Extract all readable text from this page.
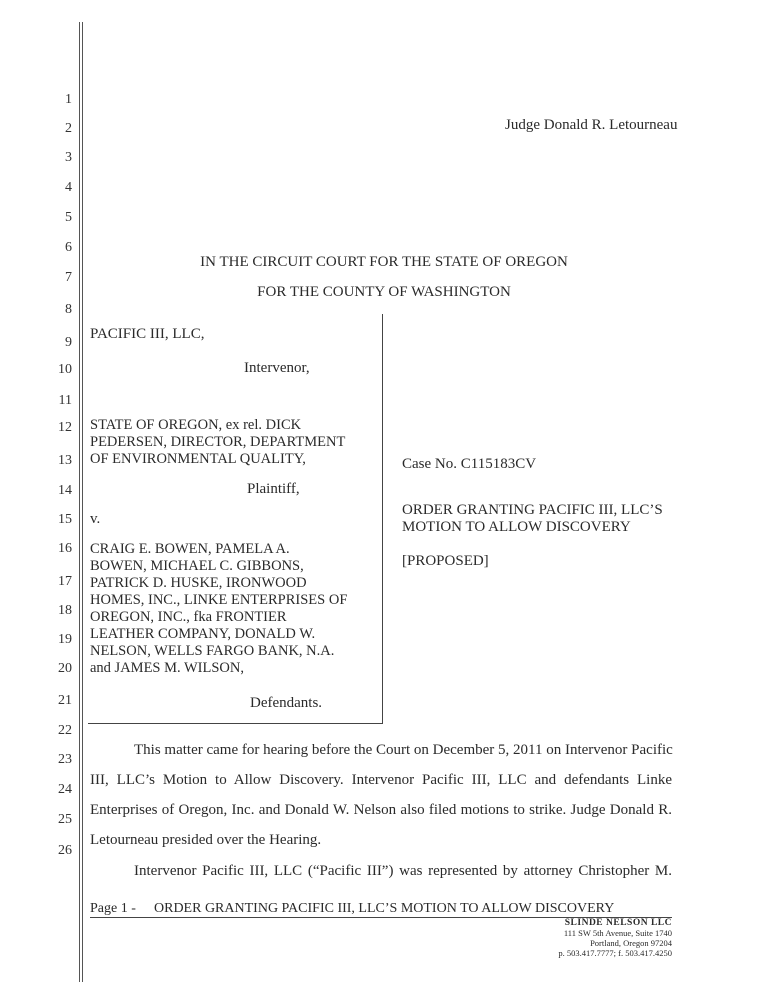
1
2
3
4
5
6
7
8
9
10
11
12
13
14
15
16
17
18
19
20
21
22
23
24
25
26
Judge Donald R. Letourneau
IN THE CIRCUIT COURT FOR THE STATE OF OREGON
FOR THE COUNTY OF WASHINGTON
PACIFIC III, LLC,
Intervenor,
STATE OF OREGON, ex rel. DICK
PEDERSEN, DIRECTOR, DEPARTMENT
OF ENVIRONMENTAL QUALITY,
Plaintiff,
v.
CRAIG E. BOWEN, PAMELA A.
BOWEN, MICHAEL C. GIBBONS,
PATRICK D. HUSKE, IRONWOOD
HOMES, INC., LINKE ENTERPRISES OF
OREGON, INC., fka FRONTIER
LEATHER COMPANY, DONALD W.
NELSON, WELLS FARGO BANK, N.A.
and JAMES M. WILSON,
Defendants.
Case No. C115183CV
ORDER GRANTING PACIFIC III, LLC’S
MOTION TO ALLOW DISCOVERY
[PROPOSED]
This matter came for hearing before the Court on December 5, 2011 on Intervenor Pacific
III, LLC’s Motion to Allow Discovery. Intervenor Pacific III, LLC and defendants Linke
Enterprises of Oregon, Inc. and Donald W. Nelson also filed motions to strike. Judge Donald R.
Letourneau presided over the Hearing.
Intervenor Pacific III, LLC (“Pacific III”) was represented by attorney Christopher M.
Page 1 - ORDER GRANTING PACIFIC III, LLC’S MOTION TO ALLOW DISCOVERY
SLINDE NELSON LLC
111 SW 5th Avenue, Suite 1740
Portland, Oregon 97204
p. 503.417.7777; f. 503.417.4250
